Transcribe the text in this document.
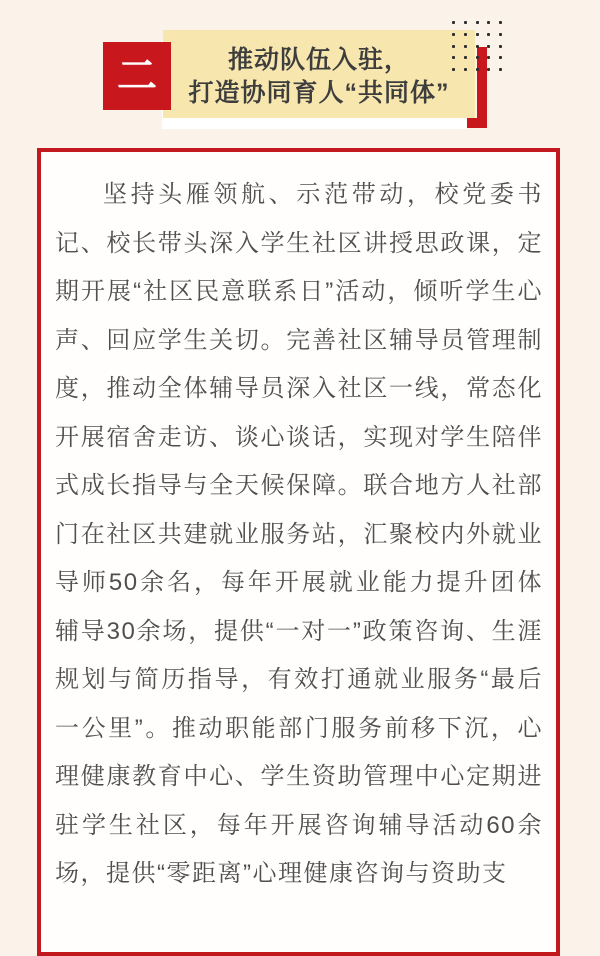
推动队伍入驻，
打造协同育人“共同体”
二

坚持头雁领航、示范带动，校党委书记、校长带头深入学生社区讲授思政课，定期开展“社区民意联系日”活动，倾听学生心声、回应学生关切。完善社区辅导员管理制度，推动全体辅导员深入社区一线，常态化开展宿舍走访、谈心谈话，实现对学生陪伴式成长指导与全天候保障。联合地方人社部门在社区共建就业服务站，汇聚校内外就业导师50余名，每年开展就业能力提升团体辅导30余场，提供“一对一”政策咨询、生涯规划与简历指导，有效打通就业服务“最后一公里”。推动职能部门服务前移下沉，心理健康教育中心、学生资助管理中心定期进驻学生社区，每年开展咨询辅导活动60余场，提供“零距离”心理健康咨询与资助支
